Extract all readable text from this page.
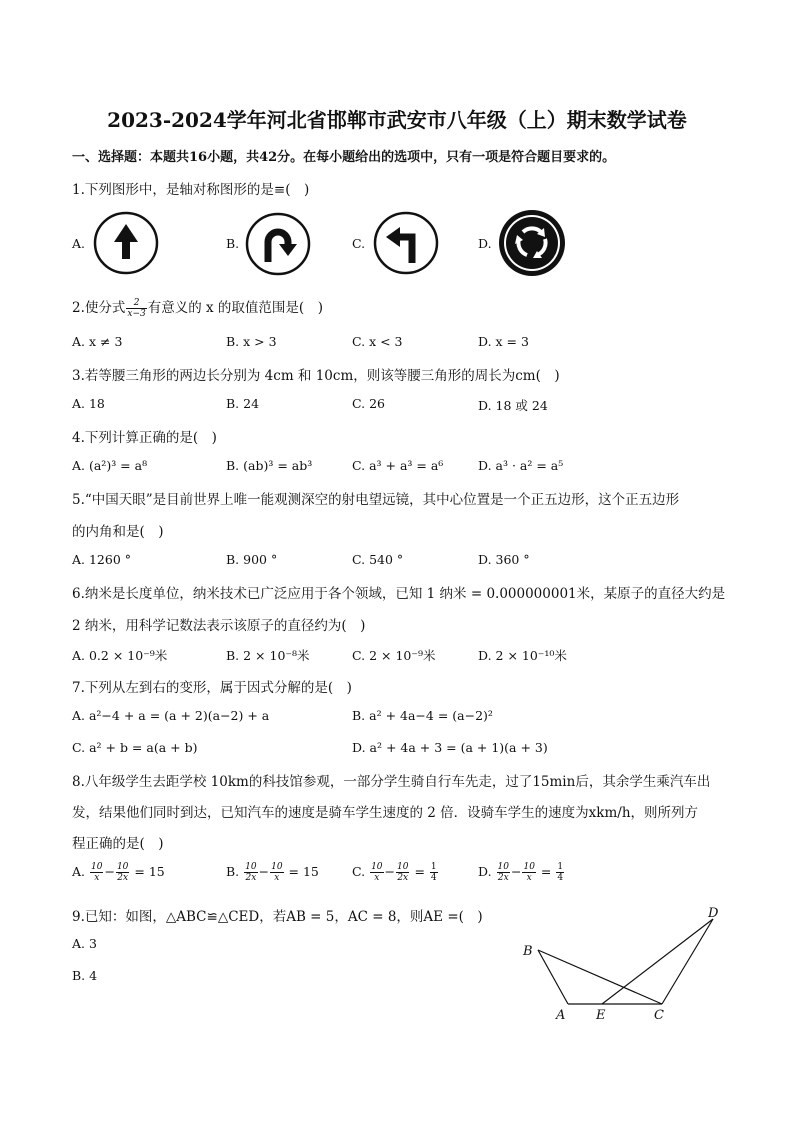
2023-2024学年河北省邯郸市武安市八年级（上）期末数学试卷
一、选择题：本题共16小题，共42分。在每小题给出的选项中，只有一项是符合题目要求的。
1.下列图形中，是轴对称图形的是≡(　)
A.	B.	C.	D.
2.使分式 $\frac{2}{x-3}$ 有意义的 x 的取值范围是(　)
A. x ≠ 3	B. x > 3	C. x < 3	D. x = 3
3.若等腰三角形的两边长分别为 4cm 和 10cm，则该等腰三角形的周长为cm(　)
A. 18	B. 24	C. 26	D. 18 或 24
4.下列计算正确的是(　)
A. (a²)³ = a⁸	B. (ab)³ = ab³	C. a³ + a³ = a⁶	D. a³ · a² = a⁵
5.“中国天眼”是目前世界上唯一能观测深空的射电望远镜，其中心位置是一个正五边形，这个正五边形
的内角和是(　)
A. 1260 °	B. 900 °	C. 540 °	D. 360 °
6.纳米是长度单位，纳米技术已广泛应用于各个领域，已知 1 纳米 = 0.000000001米，某原子的直径大约是
2 纳米，用科学记数法表示该原子的直径约为(　)
A. 0.2 × 10⁻⁹米	B. 2 × 10⁻⁸米	C. 2 × 10⁻⁹米	D. 2 × 10⁻¹⁰米
7.下列从左到右的变形，属于因式分解的是(　)
A. a²−4 + a = (a + 2)(a−2) + a	B. a² + 4a−4 = (a−2)²
C. a² + b = a(a + b)	D. a² + 4a + 3 = (a + 1)(a + 3)
8.八年级学生去距学校 10km的科技馆参观，一部分学生骑自行车先走，过了15min后，其余学生乘汽车出
发，结果他们同时到达，已知汽车的速度是骑车学生速度的 2 倍．设骑车学生的速度为xkm/h，则所列方
程正确的是(　)
A. $\frac{10}{x} - \frac{10}{2x} = 15$	B. $\frac{10}{2x} - \frac{10}{x} = 15$	C. $\frac{10}{x} - \frac{10}{2x} = \frac{1}{4}$	D. $\frac{10}{2x} - \frac{10}{x} = \frac{1}{4}$
9.已知：如图，△ABC≌△CED，若AB = 5，AC = 8，则AE =(　)
A. 3
B. 4
B
A E	C
D
